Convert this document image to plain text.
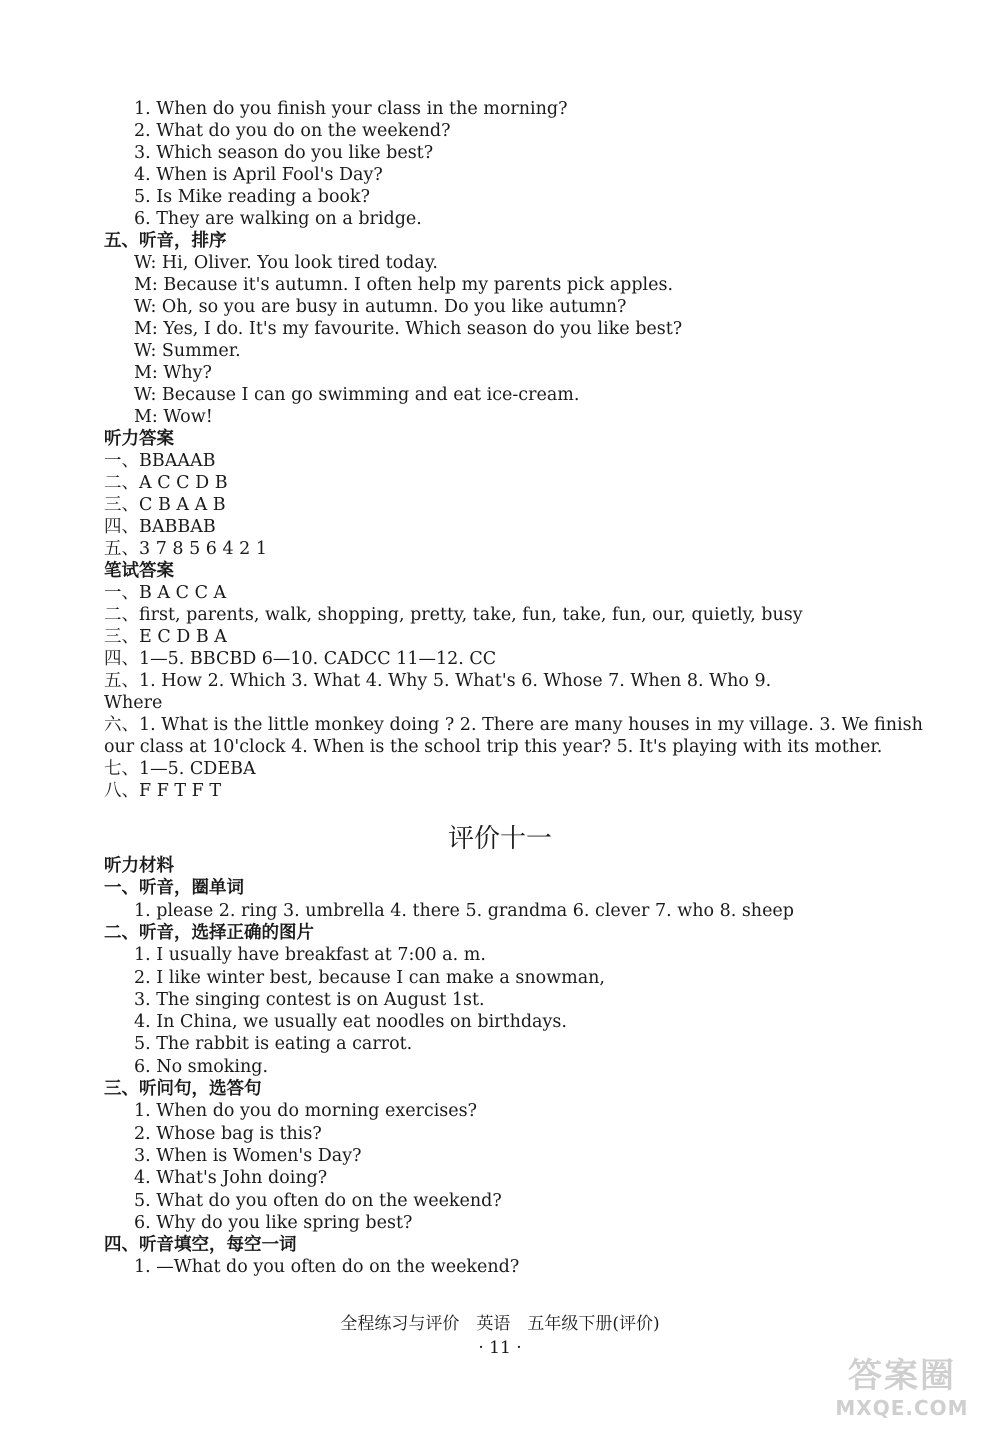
1. When do you finish your class in the morning?
2. What do you do on the weekend?
3. Which season do you like best?
4. When is April Fool's Day?
5. Is Mike reading a book?
6. They are walking on a bridge.
五、听音，排序
W: Hi, Oliver. You look tired today.
M: Because it's autumn. I often help my parents pick apples.
W: Oh, so you are busy in autumn. Do you like autumn?
M: Yes, I do. It's my favourite. Which season do you like best?
W: Summer.
M: Why?
W: Because I can go swimming and eat ice-cream.
M: Wow!
听力答案
一、BBAAAB
二、A C C D B
三、C B A A B
四、BABBAB
五、3 7 8 5 6 4 2 1
笔试答案
一、B A C C A
二、first, parents, walk, shopping, pretty, take, fun, take, fun, our, quietly, busy
三、E C D B A
四、1—5. BBCBD 6—10. CADCC 11—12. CC
五、1. How 2. Which 3. What 4. Why 5. What's 6. Whose 7. When 8. Who 9.
Where
六、1. What is the little monkey doing ? 2. There are many houses in my village. 3. We finish
our class at 10'clock 4. When is the school trip this year? 5. It's playing with its mother.
七、1—5. CDEBA
八、F F T F T
评价十一
听力材料
一、听音，圈单词
1. please 2. ring 3. umbrella 4. there 5. grandma 6. clever 7. who 8. sheep
二、听音，选择正确的图片
1. I usually have breakfast at 7:00 a. m.
2. I like winter best, because I can make a snowman,
3. The singing contest is on August 1st.
4. In China, we usually eat noodles on birthdays.
5. The rabbit is eating a carrot.
6. No smoking.
三、听问句，选答句
1. When do you do morning exercises?
2. Whose bag is this?
3. When is Women's Day?
4. What's John doing?
5. What do you often do on the weekend?
6. Why do you like spring best?
四、听音填空，每空一词
1. —What do you often do on the weekend?
全程练习与评价　英语　五年级下册(评价)
· 11 ·
答案圈
MXQE.COM
